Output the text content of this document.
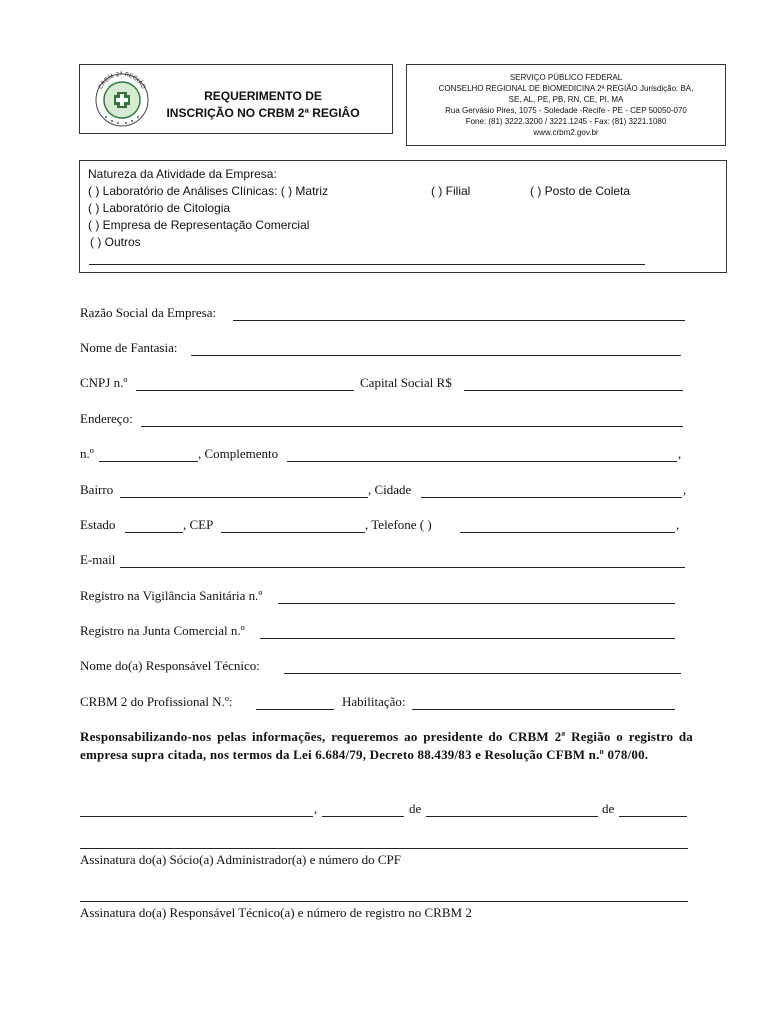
CRBM 2ª REGIÃO
REQUERIMENTO DE
INSCRIÇÃO NO CRBM 2ª REGIÂO
SERVIÇO PÚBLICO FEDERAL
CONSELHO REGIONAL DE BIOMEDICINA 2ª REGIÃO Jurisdição: BA,
SE, AL, PE, PB, RN, CE, PI, MA
Rua Gervásio Pires, 1075 - Soledade -Recife - PE - CEP 50050-070
Fone: (81) 3222.3200 / 3221.1245 - Fax: (81) 3221.1080
www.crbm2.gov.br
Natureza da Atividade da Empresa:
( ) Laboratório de Análises Clínicas: ( ) Matriz	( ) Filial	( ) Posto de Coleta
( ) Laboratório de Citologia
( ) Empresa de Representação Comercial
( ) Outros
Razão Social da Empresa:
Nome de Fantasia:
CNPJ n.º	Capital Social R$
Endereço:
n.º	, Complemento	,
Bairro	, Cidade	,
Estado	, CEP	, Telefone ( )	,
E-mail
Registro na Vigilância Sanitária n.º
Registro na Junta Comercial n.º
Nome do(a) Responsável Técnico:
CRBM 2 do Profissional N.º:	Habilitação:
Responsabilizando-nos pelas informações, requeremos ao presidente do CRBM 2ª Região o registro da empresa supra citada, nos termos da Lei 6.684/79, Decreto 88.439/83 e Resolução CFBM n.º 078/00.
,	de	de
Assinatura do(a) Sócio(a) Administrador(a) e número do CPF
Assinatura do(a) Responsável Técnico(a) e número de registro no CRBM 2
